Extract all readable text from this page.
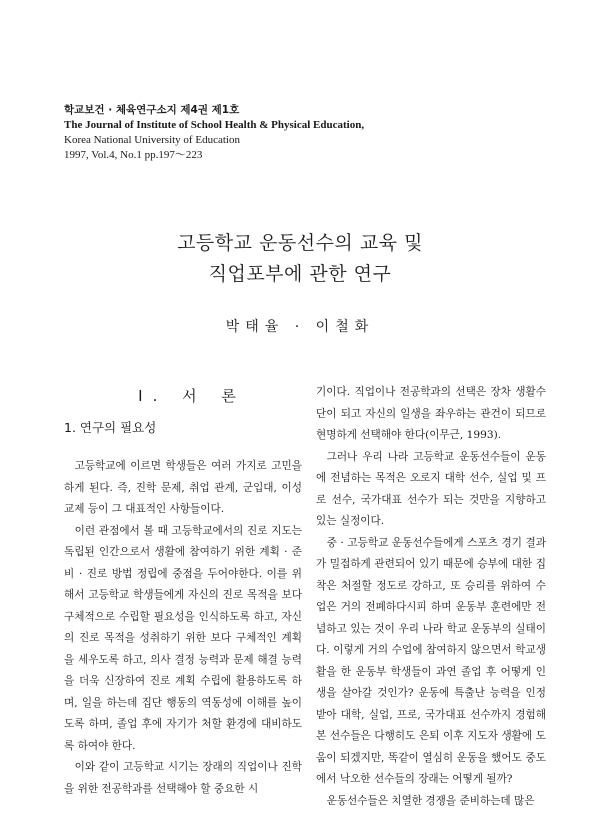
학교보건 · 체육연구소지 제4권 제1호
The Journal of Institute of School Health & Physical Education,
Korea National University of Education
1997, Vol.4, No.1 pp.197～223
고등학교 운동선수의 교육 및
직업포부에 관한 연구
박태율 · 이철화
Ⅰ. 서 론
1. 연구의 필요성

고등학교에 이르면 학생들은 여러 가지로 고민을 하게 된다. 즉, 진학 문제, 취업 관계, 군입대, 이성 교제 등이 그 대표적인 사항들이다.

이런 관점에서 볼 때 고등학교에서의 진로 지도는 독립된 인간으로서 생활에 참여하기 위한 계획 · 준비 · 진로 방법 정립에 중점을 두어야한다. 이를 위해서 고등학교 학생들에게 자신의 진로 목적을 보다 구체적으로 수립할 필요성을 인식하도록 하고, 자신의 진로 목적을 성취하기 위한 보다 구체적인 계획을 세우도록 하고, 의사 결정 능력과 문제 해결 능력을 더욱 신장하여 진로 계획 수립에 활용하도록 하며, 일을 하는데 집단 행동의 역동성에 이해를 높이도록 하며, 졸업 후에 자기가 처할 환경에 대비하도록 하여야 한다.

이와 같이 고등학교 시기는 장래의 직업이나 진학을 위한 전공학과를 선택해야 할 중요한 시

기이다. 직업이나 전공학과의 선택은 장차 생활수단이 되고 자신의 일생을 좌우하는 관건이 되므로 현명하게 선택해야 한다(이무근, 1993).

그러나 우리 나라 고등학교 운동선수들이 운동에 전념하는 목적은 오로지 대학 선수, 실업 및 프로 선수, 국가대표 선수가 되는 것만을 지향하고 있는 실정이다.

중 · 고등학교 운동선수들에게 스포츠 경기 결과가 밀접하게 관련되어 있기 때문에 승부에 대한 집착은 처절할 정도로 강하고, 또 승리를 위하여 수업은 거의 전폐하다시피 하며 운동부 훈련에만 전념하고 있는 것이 우리 나라 학교 운동부의 실태이다. 이렇게 거의 수업에 참여하지 않으면서 학교생활을 한 운동부 학생들이 과연 졸업 후 어떻게 인생을 살아갈 것인가? 운동에 특출난 능력을 인정받아 대학, 실업, 프로, 국가대표 선수까지 경험해본 선수들은 다행히도 은퇴 이후 지도자 생활에 도움이 되겠지만, 똑같이 열심히 운동을 했어도 중도에서 낙오한 선수들의 장래는 어떻게 될까?

운동선수들은 치열한 경쟁을 준비하는데 많은
